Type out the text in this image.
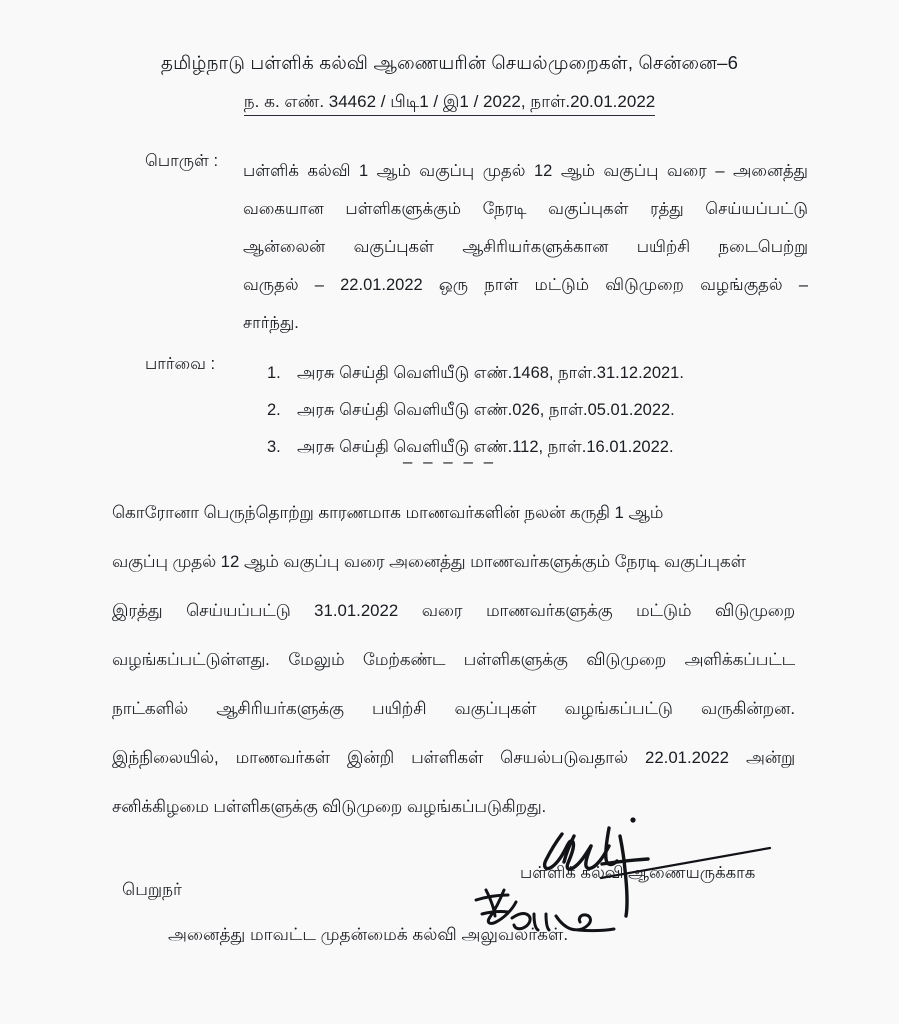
தமிழ்நாடு பள்ளிக் கல்வி ஆணையரின் செயல்முறைகள், சென்னை–6
ந. க. எண். 34462 / பிடி1 / இ1 / 2022, நாள்.20.01.2022
பொருள் :
பள்ளிக் கல்வி 1 ஆம் வகுப்பு முதல் 12 ஆம் வகுப்பு வரை – அனைத்து
வகையான பள்ளிகளுக்கும் நேரடி வகுப்புகள் ரத்து செய்யப்பட்டு
ஆன்லைன் வகுப்புகள் ஆசிரியர்களுக்கான பயிற்சி நடைபெற்று
வருதல் – 22.01.2022 ஒரு நாள் மட்டும் விடுமுறை வழங்குதல் –
சார்ந்து.
பார்வை :	1. அரசு செய்தி வெளியீடு எண்.1468, நாள்.31.12.2021.
2. அரசு செய்தி வெளியீடு எண்.026, நாள்.05.01.2022.
3. அரசு செய்தி வெளியீடு எண்.112, நாள்.16.01.2022.
– – – – –
கொரோனா பெருந்தொற்று காரணமாக மாணவர்களின் நலன் கருதி 1 ஆம்
வகுப்பு முதல் 12 ஆம் வகுப்பு வரை அனைத்து மாணவர்களுக்கும் நேரடி வகுப்புகள்
இரத்து செய்யப்பட்டு 31.01.2022 வரை மாணவர்களுக்கு மட்டும் விடுமுறை
வழங்கப்பட்டுள்ளது. மேலும் மேற்கண்ட பள்ளிகளுக்கு விடுமுறை அளிக்கப்பட்ட
நாட்களில் ஆசிரியர்களுக்கு பயிற்சி வகுப்புகள் வழங்கப்பட்டு வருகின்றன.
இந்நிலையில், மாணவர்கள் இன்றி பள்ளிகள் செயல்படுவதால் 22.01.2022 அன்று
சனிக்கிழமை பள்ளிகளுக்கு விடுமுறை வழங்கப்படுகிறது.
பள்ளிக் கல்வி ஆணையருக்காக
பெறுநர்
அனைத்து மாவட்ட முதன்மைக் கல்வி அலுவலர்கள்.
